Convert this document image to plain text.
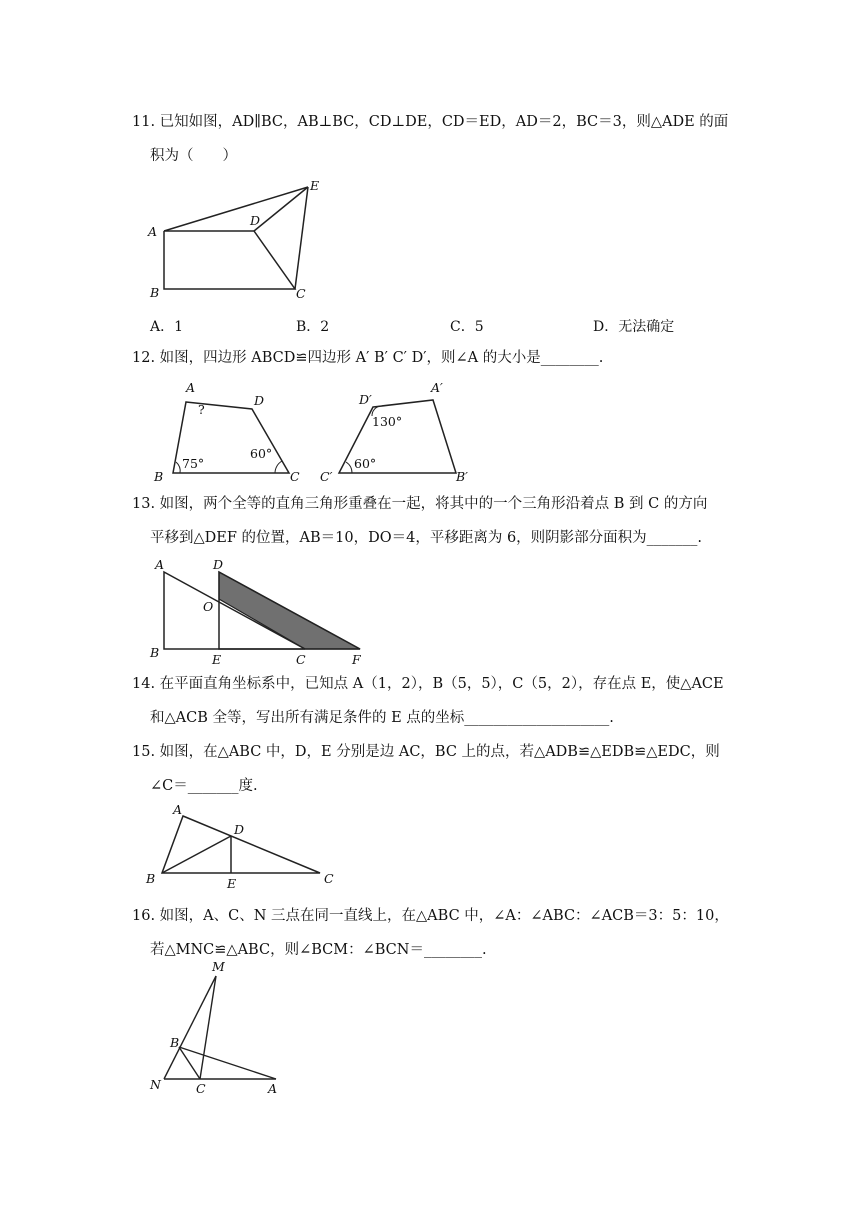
11. 已知如图，AD∥BC，AB⊥BC，CD⊥DE，CD＝ED，AD＝2，BC＝3，则△ADE 的面
积为（　　）
A
B	C
D
E
A．1	B．2	C．5	D．无法确定
12. 如图，四边形 ABCD≌四边形 A′ B′ C′ D′，则∠A 的大小是________.
A
D
B	C
?
75°
60°
D′
A′
C′	B′
130°
60°
13. 如图，两个全等的直角三角形重叠在一起，将其中的一个三角形沿着点 B 到 C 的方向
平移到△DEF 的位置，AB＝10，DO＝4，平移距离为 6，则阴影部分面积为_______.
A	D
O
B	E	C	F
14. 在平面直角坐标系中，已知点 A（1，2），B（5，5），C（5，2），存在点 E，使△ACE
和△ACB 全等，写出所有满足条件的 E 点的坐标____________________.
15. 如图，在△ABC 中，D，E 分别是边 AC，BC 上的点，若△ADB≌△EDB≌△EDC，则
∠C＝_______度.
A
D
B	E	C
16. 如图，A、C、N 三点在同一直线上，在△ABC 中，∠A：∠ABC：∠ACB＝3：5：10，
若△MNC≌△ABC，则∠BCM：∠BCN＝________.
M
B
N	C	A
